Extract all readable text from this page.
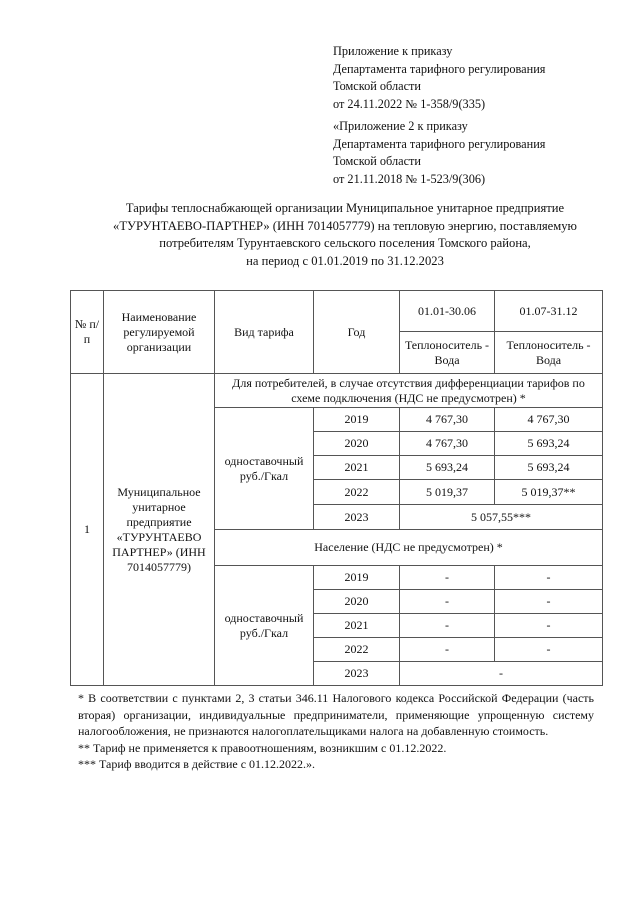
Приложение к приказу
Департамента тарифного регулирования
Томской области
от 24.11.2022 № 1-358/9(335)
«Приложение 2 к приказу
Департамента тарифного регулирования
Томской области
от 21.11.2018 № 1-523/9(306)
Тарифы теплоснабжающей организации Муниципальное унитарное предприятие
«ТУРУНТАЕВО-ПАРТНЕР» (ИНН 7014057779) на тепловую энергию, поставляемую
потребителям Турунтаевского сельского поселения Томского района,
на период с 01.01.2019 по 31.12.2023
№ п/п	Наименование регулируемой организации	Вид тарифа	Год	01.01-30.06	01.07-31.12
				Теплоноситель - Вода	Теплоноситель - Вода
1	Муниципальное унитарное предприятие «ТУРУНТАЕВО ПАРТНЕР» (ИНН 7014057779)	Для потребителей, в случае отсутствия дифференциации тарифов по схеме подключения (НДС не предусмотрен) *			
		одноставочный руб./Гкал	2019	4 767,30	4 767,30
			2020	4 767,30	5 693,24
			2021	5 693,24	5 693,24
			2022	5 019,37	5 019,37**
			2023	5 057,55***	
		Население (НДС не предусмотрен) *			
		одноставочный руб./Гкал	2019	-	-
			2020	-	-
			2021	-	-
			2022	-	-
			2023	-	
* В соответствии с пунктами 2, 3 статьи 346.11 Налогового кодекса Российской Федерации (часть вторая) организации, индивидуальные предприниматели, применяющие упрощенную систему налогообложения, не признаются налогоплательщиками налога на добавленную стоимость.
** Тариф не применяется к правоотношениям, возникшим с 01.12.2022.
*** Тариф вводится в действие с 01.12.2022.».
